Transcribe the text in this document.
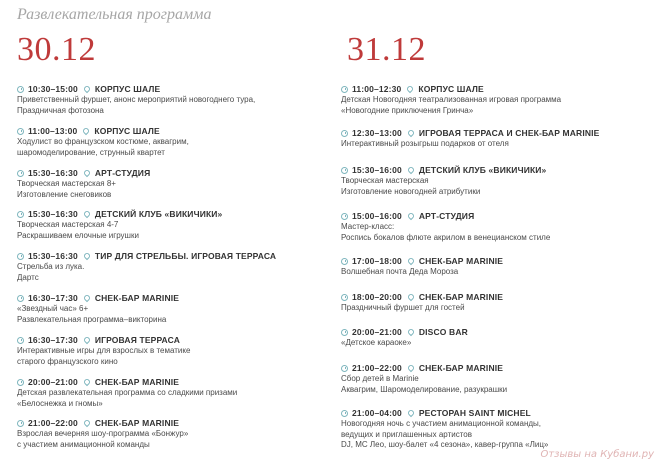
Развлекательная программа
30.12
10:30–15:00 КОРПУС ШАЛЕ
Приветственный фуршет, анонс мероприятий новогоднего тура,
Праздничная фотозона
11:00–13:00 КОРПУС ШАЛЕ
Ходулист во французском костюме, аквагрим,
шаромоделирование, струнный квартет
15:30–16:30 АРТ-СТУДИЯ
Творческая мастерская 8+
Изготовление снеговиков
15:30–16:30 ДЕТСКИЙ КЛУБ «ВИКИЧИКИ»
Творческая мастерская 4-7
Раскрашиваем елочные игрушки
15:30–16:30 ТИР ДЛЯ СТРЕЛЬБЫ. ИГРОВАЯ ТЕРРАСА
Стрельба из лука.
Дартс
16:30–17:30 СНЕК-БАР MARINIE
«Звездный час» 6+
Развлекательная программа–викторина
16:30–17:30 ИГРОВАЯ ТЕРРАСА
Интерактивные игры для взрослых в тематике
старого французского кино
20:00–21:00 СНЕК-БАР MARINIE
Детская развлекательная программа со сладкими призами
«Белоснежка и гномы»
21:00–22:00 СНЕК-БАР MARINIE
Взрослая вечерняя шоу-программа «Бонжур»
с участием анимационной команды
31.12
11:00–12:30 КОРПУС ШАЛЕ
Детская Новогодняя театрализованная игровая программа
«Новогодние приключения Гринча»
12:30–13:00 ИГРОВАЯ ТЕРРАСА И СНЕК-БАР MARINIE
Интерактивный розыгрыш подарков от отеля
15:30–16:00 ДЕТСКИЙ КЛУБ «ВИКИЧИКИ»
Творческая мастерская
Изготовление новогодней атрибутики
15:00–16:00 АРТ-СТУДИЯ
Мастер-класс:
Роспись бокалов флюте акрилом в венецианском стиле
17:00–18:00 СНЕК-БАР MARINIE
Волшебная почта Деда Мороза
18:00–20:00 СНЕК-БАР MARINIE
Праздничный фуршет для гостей
20:00–21:00 DISCO BAR
«Детское караоке»
21:00–22:00 СНЕК-БАР MARINIE
Сбор детей в Marinie
Аквагрим, Шаромоделирование, разукрашки
21:00–04:00 РЕСТОРАН SAINT MICHEL
Новогодняя ночь с участием анимационной команды,
ведущих и приглашенных артистов
DJ, MC Лео, шоу-балет «4 сезона», кавер-группа «Лиц»
Отзывы на Кубани.ру
